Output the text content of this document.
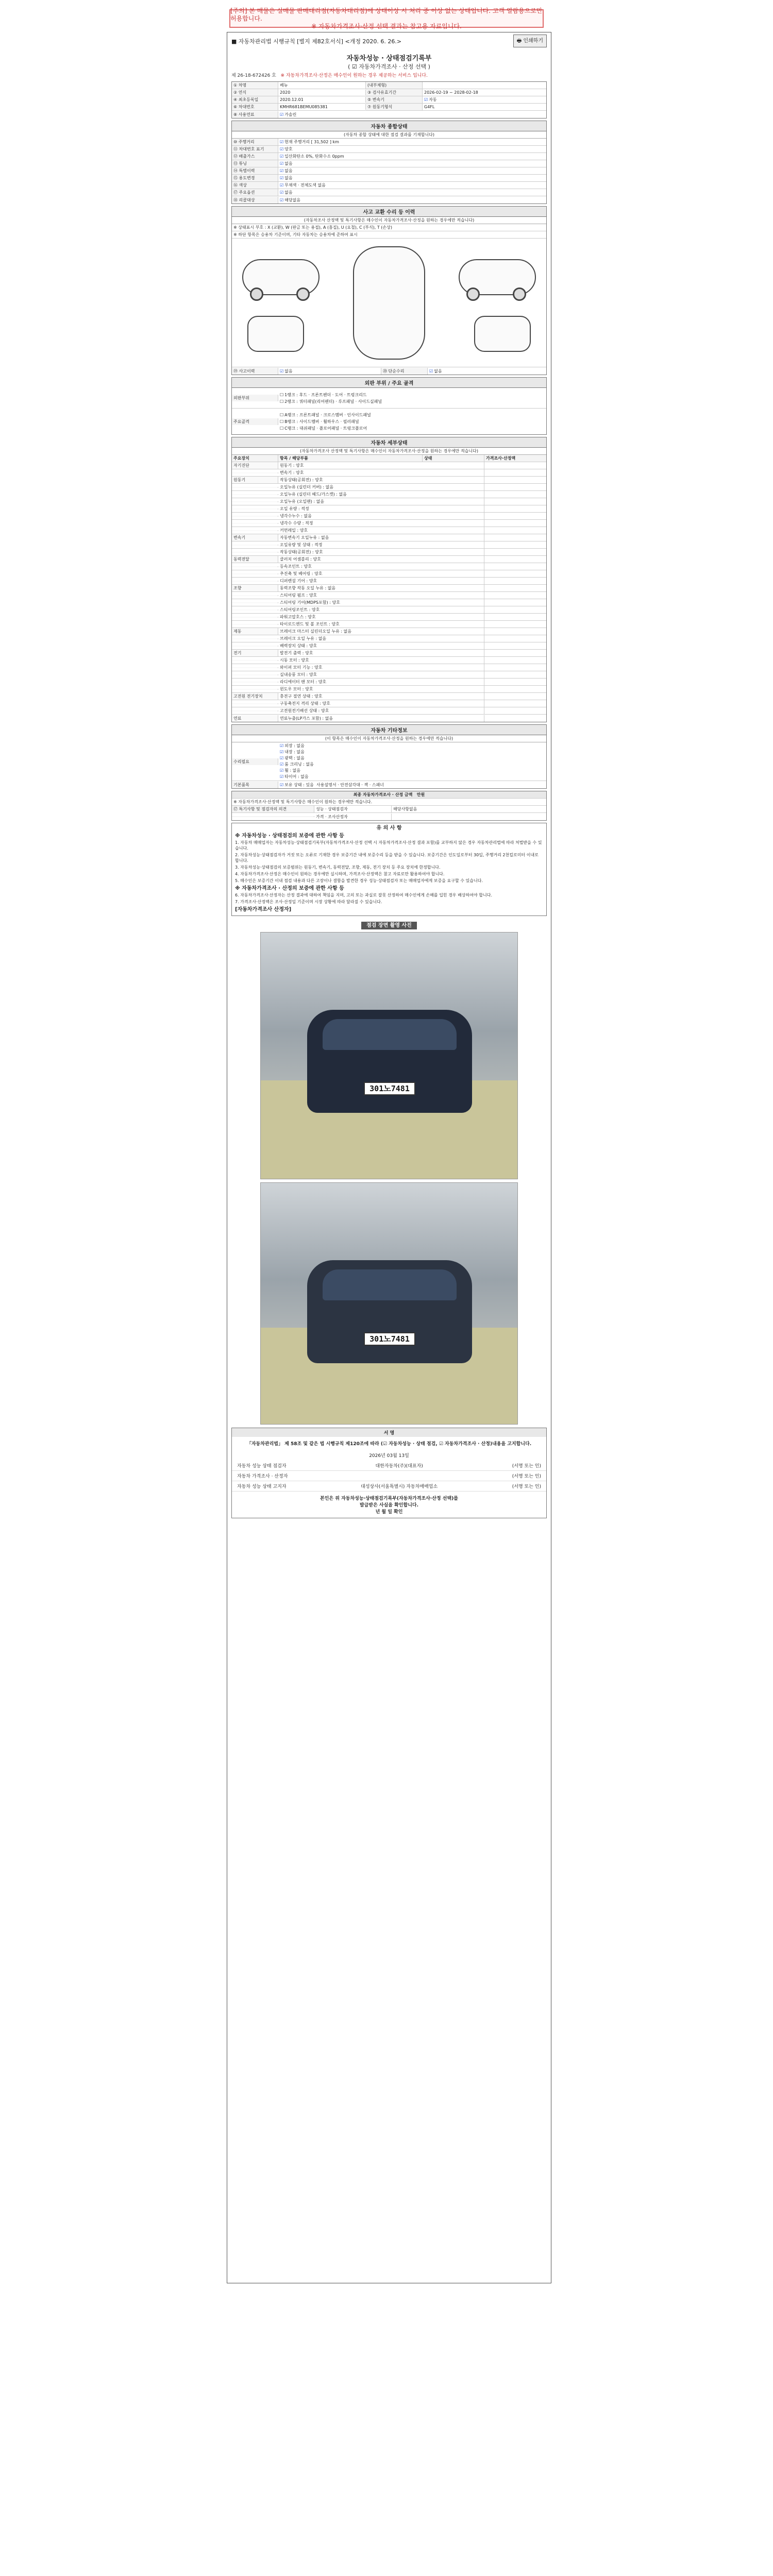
[주의] 본 매물은 실매물 판매대리점(자동차대리점)에 상태이상 시 처리 중 이상 없는 상태입니다. 고객 열람용으로만 허용합니다.
※ 자동차가격조사·산정 선택 결과는 참고용 자료입니다.
■ 자동차관리법 시행규칙 [별지 제82호서식] <개정 2020. 6. 26.>	🖶 인쇄하기
자동차성능 · 상태점검기록부
( ☑ 자동차가격조사 · 산정 선택 )
제 26-18-672426 호 ※ 자동차가격조사·산정은 매수인이 원하는 경우 제공하는 서비스 입니다.
① 차명	베뉴	(내부체형)
② 연식	2020	③ 검사유효기간	2026-02-19 ~ 2028-02-18
④ 최초등록일	2020.12.01	⑤ 변속기	☑ 자동
⑥ 차대번호	KMHR681BEMU085381	⑦ 원동기형식	G4FL
⑧ 사용연료	☑ 가솔린
자동차 종합상태
(자동차 종합 상태에 대한 점검 결과를 기재합니다)
⑩ 주행거리	☑ 현재 주행거리 [ 31,502 ] km
⑪ 차대번호 표기	☑ 양호
⑫ 배출가스	☑ 일산화탄소 0%, 탄화수소 0ppm
⑬ 튜닝	☑ 없음
⑭ 특별이력	☑ 없음
⑮ 용도변경	☑ 없음
⑯ 색상	☑ 무채색 · 전체도색 없음
⑰ 주요옵션	☑ 없음
⑱ 리콜대상	☑ 해당없음
사고 교환 수리 등 이력
(자동차조사 산정액 및 특기사항은 매수인이 자동차가격조사·산정을 원하는 경우에만 적습니다)
※ 상태표시 부호 : X (교환), W (판금 또는 용접), A (흠집), U (요철), C (부식), T (손상)
※ 하단 항목은 승용차 기준이며, 기타 자동차는 승용차에 준하여 표시
⑲ 사고이력	☑ 없음	⑳ 단순수리	☑ 없음
외판 부위 / 주요 골격
외판부위
☐ 1랭크 : 후드 · 프론트펜더 · 도어 · 트렁크리드
☐ 2랭크 : 쿼터패널(리어펜더) · 루프패널 · 사이드실패널
주요골격
☐ A랭크 : 프론트패널 · 크로스멤버 · 인사이드패널
☐ B랭크 : 사이드멤버 · 휠하우스 · 필러패널
☐ C랭크 : 대쉬패널 · 플로어패널 · 트렁크플로어
자동차 세부상태
(자동차가격조사 산정액 및 특기사항은 매수인이 자동차가격조사·산정을 원하는 경우에만 적습니다)
주요장치	항목 / 해당부품	상태	가격조사·산정액
자기진단	원동기 : 양호
변속기 : 양호
원동기	작동상태(공회전) : 양호
오일누유 (실린더 커버) : 없음
오일누유 (실린더 헤드/가스켓) : 없음
오일누유 (오일팬) : 없음
오일 유량 : 적정
냉각수누수 : 없음
냉각수 수량 : 적정
커먼레일 : 양호
변속기	자동변속기 오일누유 : 없음
오일유량 및 상태 : 적정
작동상태(공회전) : 양호
동력전달	클러치 어셈블리 : 양호
등속조인트 : 양호
추진축 및 베어링 : 양호
디퍼렌셜 기어 : 양호
조향	동력조향 작동 오일 누유 : 없음
스티어링 펌프 : 양호
스티어링 기어(MDPS포함) : 양호
스티어링조인트 : 양호
파워고압호스 : 양호
타이로드엔드 및 볼 조인트 : 양호
제동	브레이크 마스터 실린더오일 누유 : 없음
브레이크 오일 누유 : 없음
배력장치 상태 : 양호
전기	발전기 출력 : 양호
시동 모터 : 양호
와이퍼 모터 기능 : 양호
실내송풍 모터 : 양호
라디에이터 팬 모터 : 양호
윈도우 모터 : 양호
고전원 전기장치	충전구 절연 상태 : 양호
구동축전지 격리 상태 : 양호
고전원전기배선 상태 : 양호
연료	연료누출(LP가스 포함) : 없음
자동차 기타정보
(이 항목은 매수인이 자동차가격조사·산정을 원하는 경우에만 적습니다)
수리필요
☑ 외장 : 없음
☑ 내장 : 없음
☑ 광택 : 없음
☑ 룸 크리닝 : 없음
☑ 휠 : 없음
☑ 타이어 : 없음
기본품목	☑ 보유 상태 : 있음 사용설명서 · 안전삼각대 · 잭 · 스패너
최종 자동차가격조사 · 산정 금액
만원
※ 자동차가격조사·산정액 및 특기사항은 매수인이 원하는 경우에만 적습니다.
⑰ 특기사항 및 점검자의 의견	성능 · 상태점검자	해당사항없음
가격 · 조사산정자
유 의 사 항
※ 자동차성능 · 상태점검의 보증에 관한 사항 등

1. 자동차 매매업자는 자동차성능·상태점검기록부(자동차가격조사·산정 선택 시 자동차가격조사·산정 결과 포함)를 교부하지 않은 경우 자동차관리법에 따라 처벌받을 수 있습니다.

2. 자동차성능·상태점검자가 거짓 또는 오류로 기재한 경우 보증기간 내에 보증수리 등을 받을 수 있습니다. 보증기간은 인도일로부터 30일, 주행거리 2천킬로미터 이내로 합니다.

3. 자동차성능·상태점검의 보증범위는 원동기, 변속기, 동력전달, 조향, 제동, 전기 장치 등 주요 장치에 한정합니다.

4. 자동차가격조사·산정은 매수인이 원하는 경우에만 실시하며, 가격조사·산정액은 참고 자료로만 활용하여야 합니다.

5. 매수인은 보증기간 이내 점검 내용과 다른 고장이나 결함을 발견한 경우 성능·상태점검자 또는 매매업자에게 보증을 요구할 수 있습니다.

※ 자동차가격조사 · 산정의 보증에 관한 사항 등

6. 자동차가격조사·산정자는 산정 결과에 대하여 책임을 지며, 고의 또는 과실로 잘못 산정하여 매수인에게 손해를 입힌 경우 배상하여야 합니다.

7. 가격조사·산정액은 조사·산정일 기준이며 시장 상황에 따라 달라질 수 있습니다.

[자동차가격조사 산정자]
점검 장면 촬영 사진
301노7481
301노7481
서 명
「자동차관리법」 제 58조 및 같은 법 시행규칙 제120조에 따라 (☑ 자동차성능 · 상태 점검, ☑ 자동차가격조사 · 산정)내용을 고지합니다.
2026년 03월 13일
자동차 성능 상태 점검자	대한자동차(주)(대표자)	(서명 또는 인)
자동차 가격조사 · 산정자	(서명 또는 인)
자동차 성능 상태 고지자	대성상사(서울특별시) 자동차매매업소	(서명 또는 인)
본인은 위 자동차성능·상태점검기록부(자동차가격조사·산정 선택)를
발급받은 사실을 확인합니다.
년 월 일 확인
